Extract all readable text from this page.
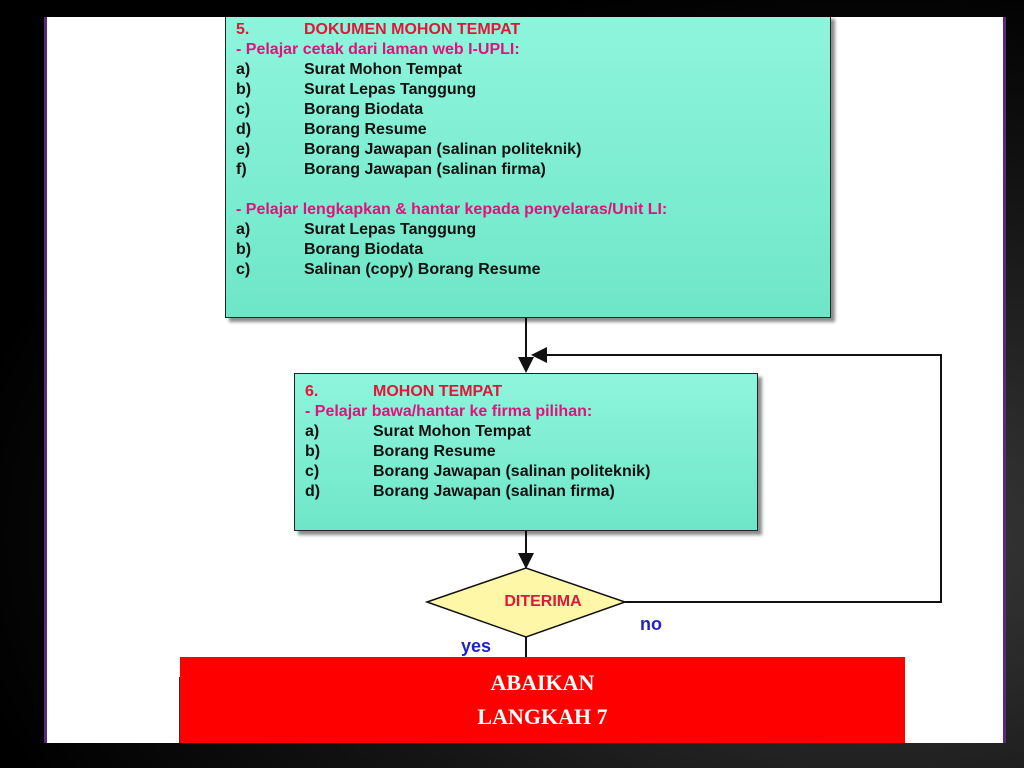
5.	DOKUMEN MOHON TEMPAT
- Pelajar cetak dari laman web I-UPLI:
a)	Surat Mohon Tempat
b)	Surat Lepas Tanggung
c)	Borang Biodata
d)	Borang Resume
e)	Borang Jawapan (salinan politeknik)
f)	Borang Jawapan (salinan firma)
- Pelajar lengkapkan & hantar kepada penyelaras/Unit LI:
a)	Surat Lepas Tanggung
b)	Borang Biodata
c)	Salinan (copy) Borang Resume
6.	MOHON TEMPAT
- Pelajar bawa/hantar ke firma pilihan:
a)	Surat Mohon Tempat
b)	Borang Resume
c)	Borang Jawapan (salinan politeknik)
d)	Borang Jawapan (salinan firma)
DITERIMA
yes
no
ABAIKAN
LANGKAH 7
